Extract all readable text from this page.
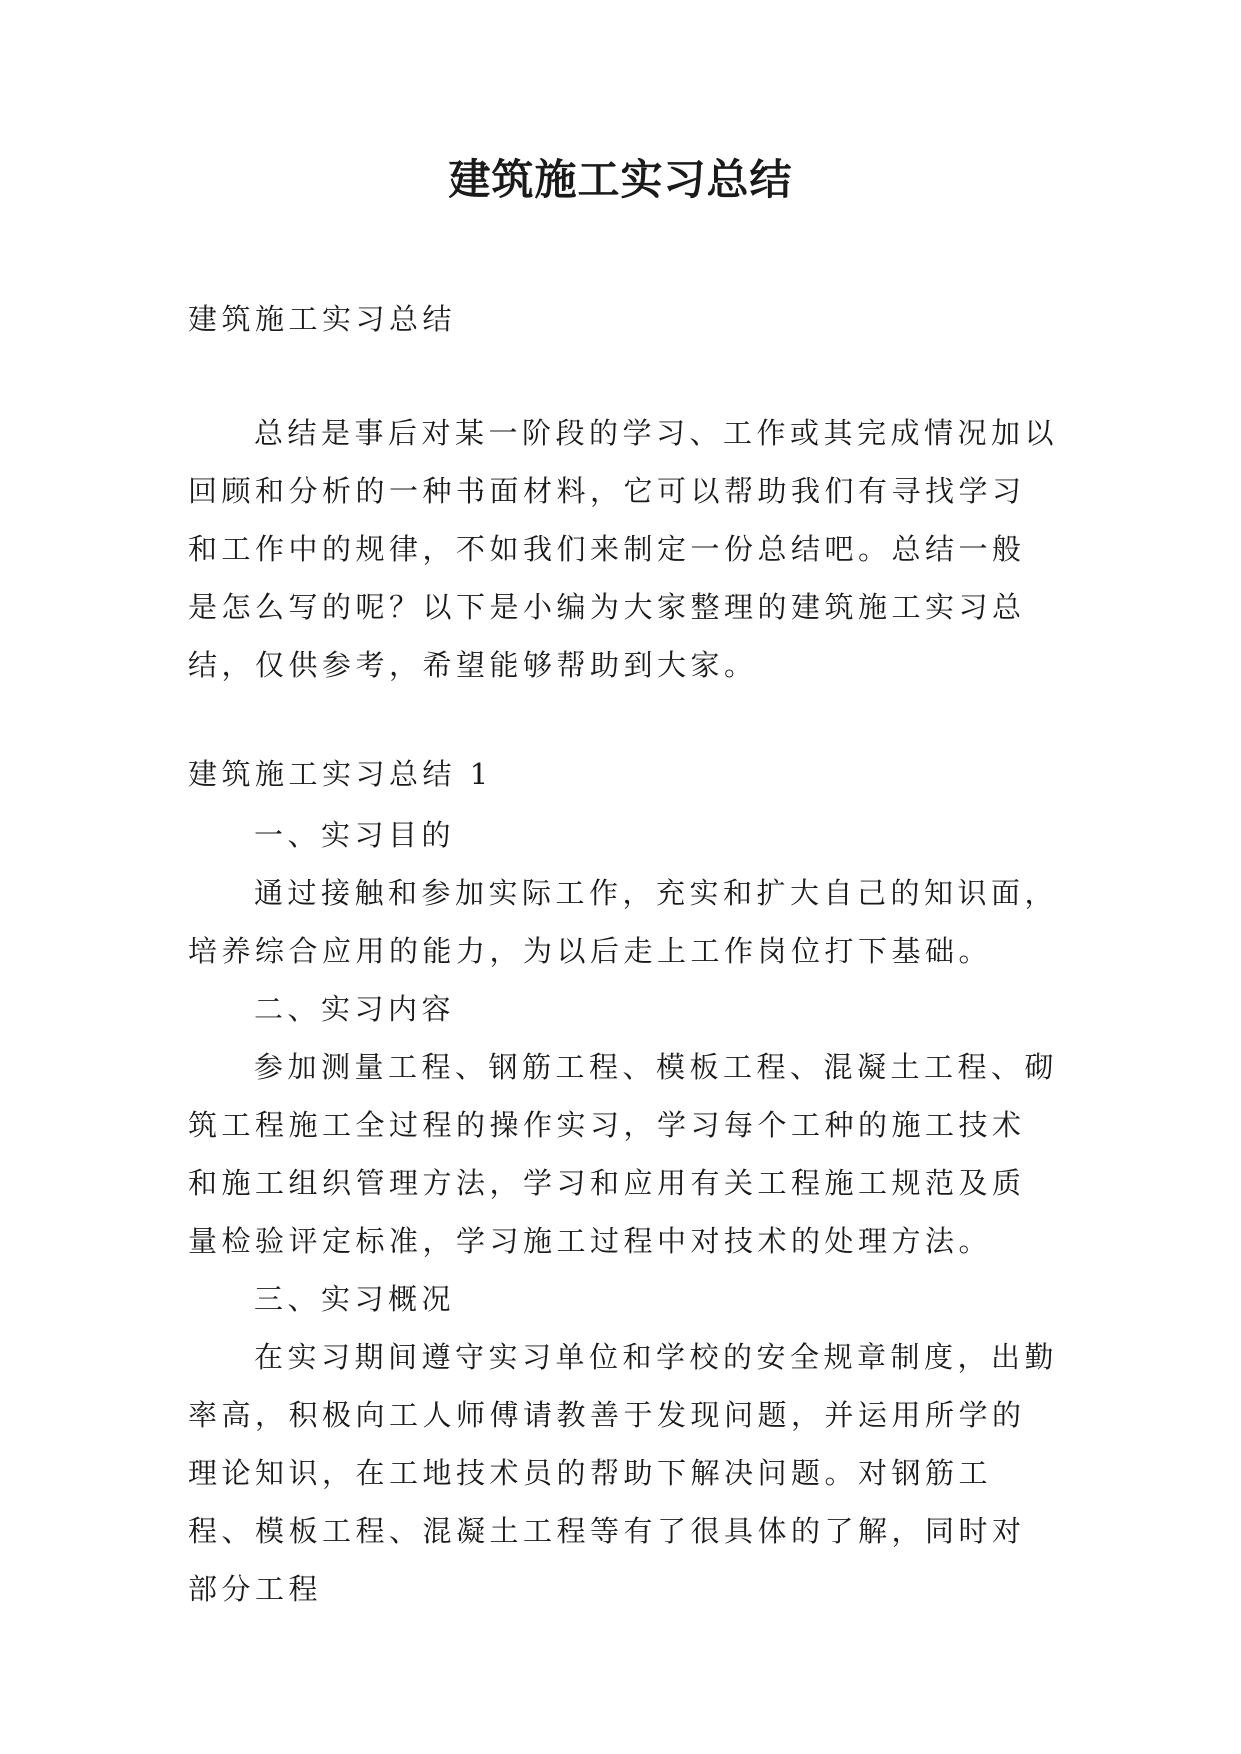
建筑施工实习总结

建筑施工实习总结

总结是事后对某一阶段的学习、工作或其完成情况加以回顾和分析的一种书面材料，它可以帮助我们有寻找学习和工作中的规律，不如我们来制定一份总结吧。总结一般是怎么写的呢？以下是小编为大家整理的建筑施工实习总结，仅供参考，希望能够帮助到大家。

建筑施工实习总结 1

一、实习目的

通过接触和参加实际工作，充实和扩大自己的知识面，培养综合应用的能力，为以后走上工作岗位打下基础。

二、实习内容

参加测量工程、钢筋工程、模板工程、混凝土工程、砌筑工程施工全过程的操作实习，学习每个工种的施工技术和施工组织管理方法，学习和应用有关工程施工规范及质量检验评定标准，学习施工过程中对技术的处理方法。

三、实习概况

在实习期间遵守实习单位和学校的安全规章制度，出勤率高，积极向工人师傅请教善于发现问题，并运用所学的理论知识，在工地技术员的帮助下解决问题。对钢筋工程、模板工程、混凝土工程等有了很具体的了解，同时对部分工程
